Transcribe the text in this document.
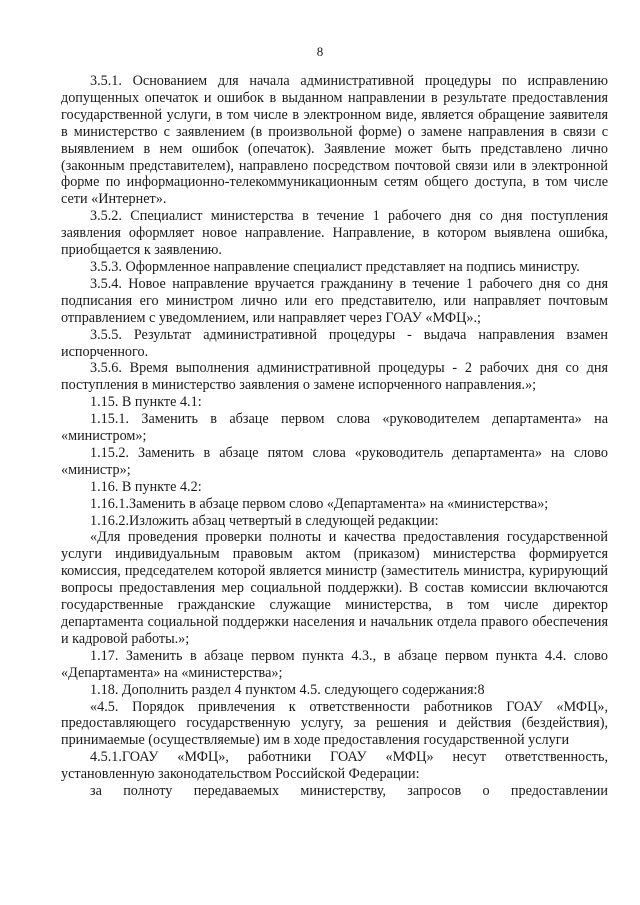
8

3.5.1. Основанием для начала административной процедуры по исправлению допущенных опечаток и ошибок в выданном направлении в результате предоставления государственной услуги, в том числе в электронном виде, является обращение заявителя в министерство с заявлением (в произвольной форме) о замене направления в связи с выявлением в нем ошибок (опечаток). Заявление может быть представлено лично (законным представителем), направлено посредством почтовой связи или в электронной форме по информационно-телекоммуникационным сетям общего доступа, в том числе сети «Интернет».

3.5.2. Специалист министерства в течение 1 рабочего дня со дня поступления заявления оформляет новое направление. Направление, в котором выявлена ошибка, приобщается к заявлению.

3.5.3. Оформленное направление специалист представляет на подпись министру.

3.5.4. Новое направление вручается гражданину в течение 1 рабочего дня со дня подписания его министром лично или его представителю, или направляет почтовым отправлением с уведомлением, или направляет через ГОАУ «МФЦ».;

3.5.5. Результат административной процедуры - выдача направления взамен испорченного.

3.5.6. Время выполнения административной процедуры - 2 рабочих дня со дня поступления в министерство заявления о замене испорченного направления.»;

1.15. В пункте 4.1:

1.15.1. Заменить в абзаце первом слова «руководителем департамента» на «министром»;

1.15.2. Заменить в абзаце пятом слова «руководитель департамента» на слово «министр»;

1.16. В пункте 4.2:

1.16.1.Заменить в абзаце первом слово «Департамента» на «министерства»;

1.16.2.Изложить абзац четвертый в следующей редакции:

«Для проведения проверки полноты и качества предоставления государственной услуги индивидуальным правовым актом (приказом) министерства формируется комиссия, председателем которой является министр (заместитель министра, курирующий вопросы предоставления мер социальной поддержки). В состав комиссии включаются государственные гражданские служащие министерства, в том числе директор департамента социальной поддержки населения и начальник отдела правого обеспечения и кадровой работы.»;

1.17. Заменить в абзаце первом пункта 4.3., в абзаце первом пункта 4.4. слово «Департамента» на «министерства»;

1.18. Дополнить раздел 4 пунктом 4.5. следующего содержания:8

«4.5. Порядок привлечения к ответственности работников ГОАУ «МФЦ», предоставляющего государственную услугу, за решения и действия (бездействия), принимаемые (осуществляемые) им в ходе предоставления государственной услуги

4.5.1.ГОАУ «МФЦ», работники ГОАУ «МФЦ» несут ответственность, установленную законодательством Российской Федерации:

за полноту передаваемых министерству, запросов о предоставлении
